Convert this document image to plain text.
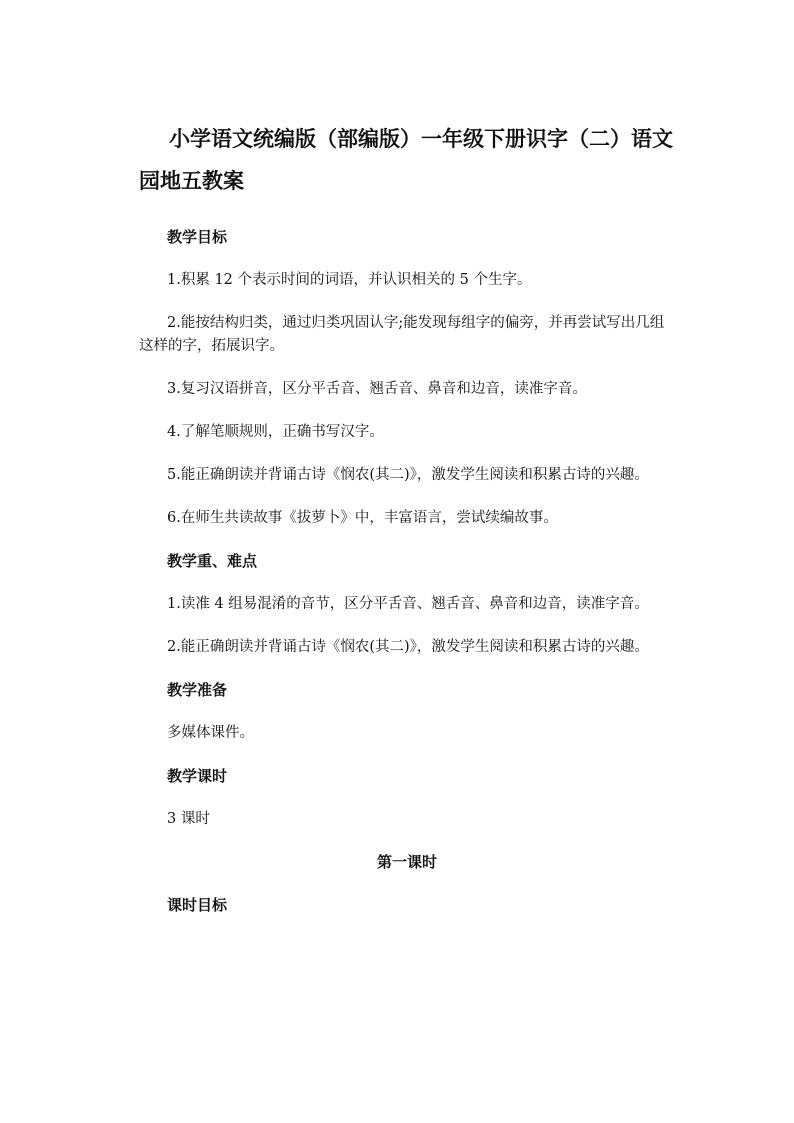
小学语文统编版（部编版）一年级下册识字（二）语文园地五教案
教学目标
1.积累 12 个表示时间的词语，并认识相关的 5 个生字。
2.能按结构归类，通过归类巩固认字;能发现每组字的偏旁，并再尝试写出几组这样的字，拓展识字。
3.复习汉语拼音，区分平舌音、翘舌音、鼻音和边音，读准字音。
4.了解笔顺规则，正确书写汉字。
5.能正确朗读并背诵古诗《悯农(其二)》，激发学生阅读和积累古诗的兴趣。
6.在师生共读故事《拔萝卜》中，丰富语言，尝试续编故事。
教学重、难点
1.读准 4 组易混淆的音节，区分平舌音、翘舌音、鼻音和边音，读准字音。
2.能正确朗读并背诵古诗《悯农(其二)》，激发学生阅读和积累古诗的兴趣。
教学准备
多媒体课件。
教学课时
3 课时
第一课时
课时目标
